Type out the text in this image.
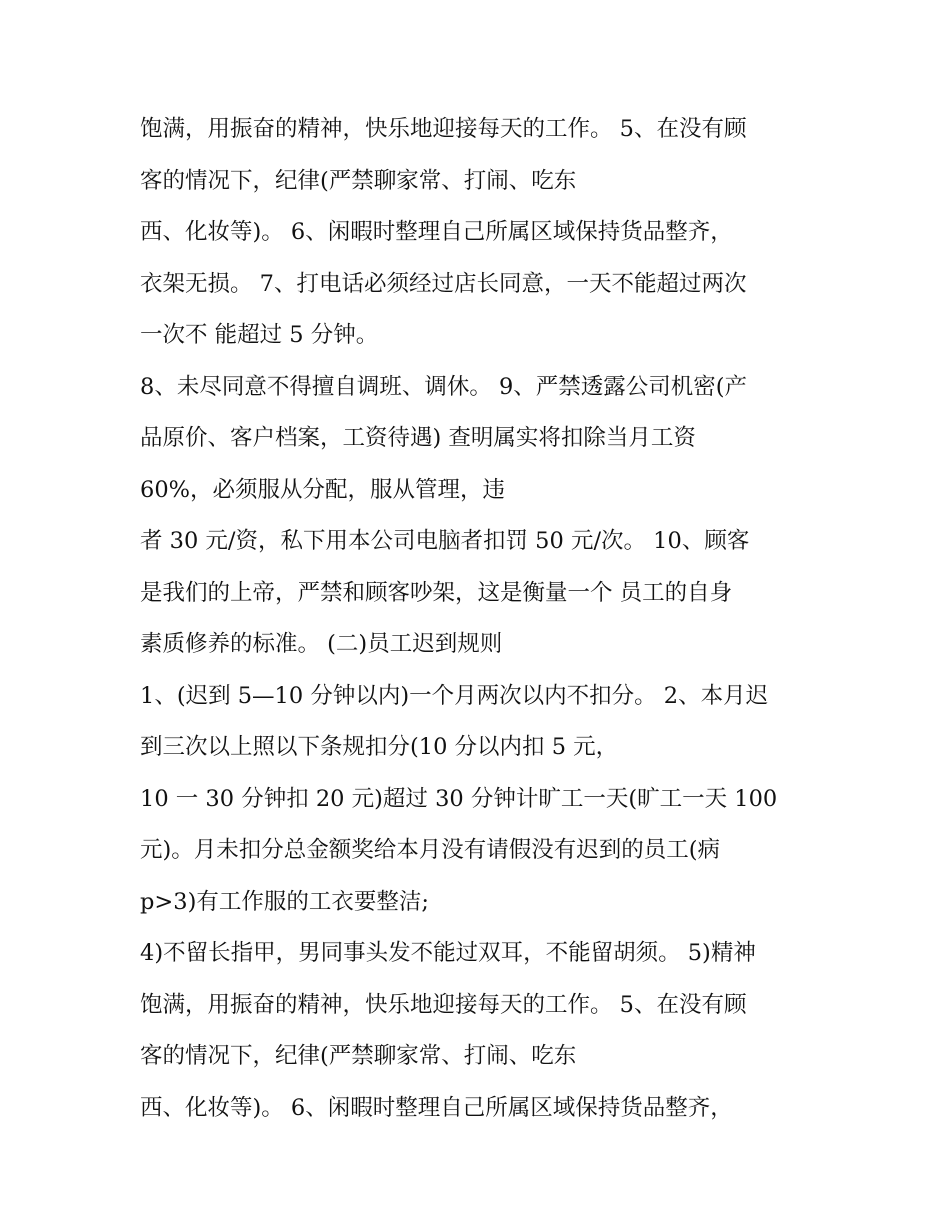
饱满，用振奋的精神，快乐地迎接每天的工作。 5、在没有顾
客的情况下，纪律(严禁聊家常、打闹、吃东
西、化妆等)。 6、闲暇时整理自己所属区域保持货品整齐，
衣架无损。 7、打电话必须经过店长同意，一天不能超过两次
一次不 能超过 5 分钟。
8、未尽同意不得擅自调班、调休。 9、严禁透露公司机密(产
品原价、客户档案，工资待遇) 查明属实将扣除当月工资
60%，必须服从分配，服从管理，违
者 30 元/资，私下用本公司电脑者扣罚 50 元/次。 10、顾客
是我们的上帝，严禁和顾客吵架，这是衡量一个 员工的自身
素质修养的标准。 (二)员工迟到规则
1、(迟到 5—10 分钟以内)一个月两次以内不扣分。 2、本月迟
到三次以上照以下条规扣分(10 分以内扣 5 元，
10 一 30 分钟扣 20 元)超过 30 分钟计旷工一天(旷工一天 100
元)。月未扣分总金额奖给本月没有请假没有迟到的员工(病
p>3)有工作服的工衣要整洁;
4)不留长指甲，男同事头发不能过双耳，不能留胡须。 5)精神
饱满，用振奋的精神，快乐地迎接每天的工作。 5、在没有顾
客的情况下，纪律(严禁聊家常、打闹、吃东
西、化妆等)。 6、闲暇时整理自己所属区域保持货品整齐，
